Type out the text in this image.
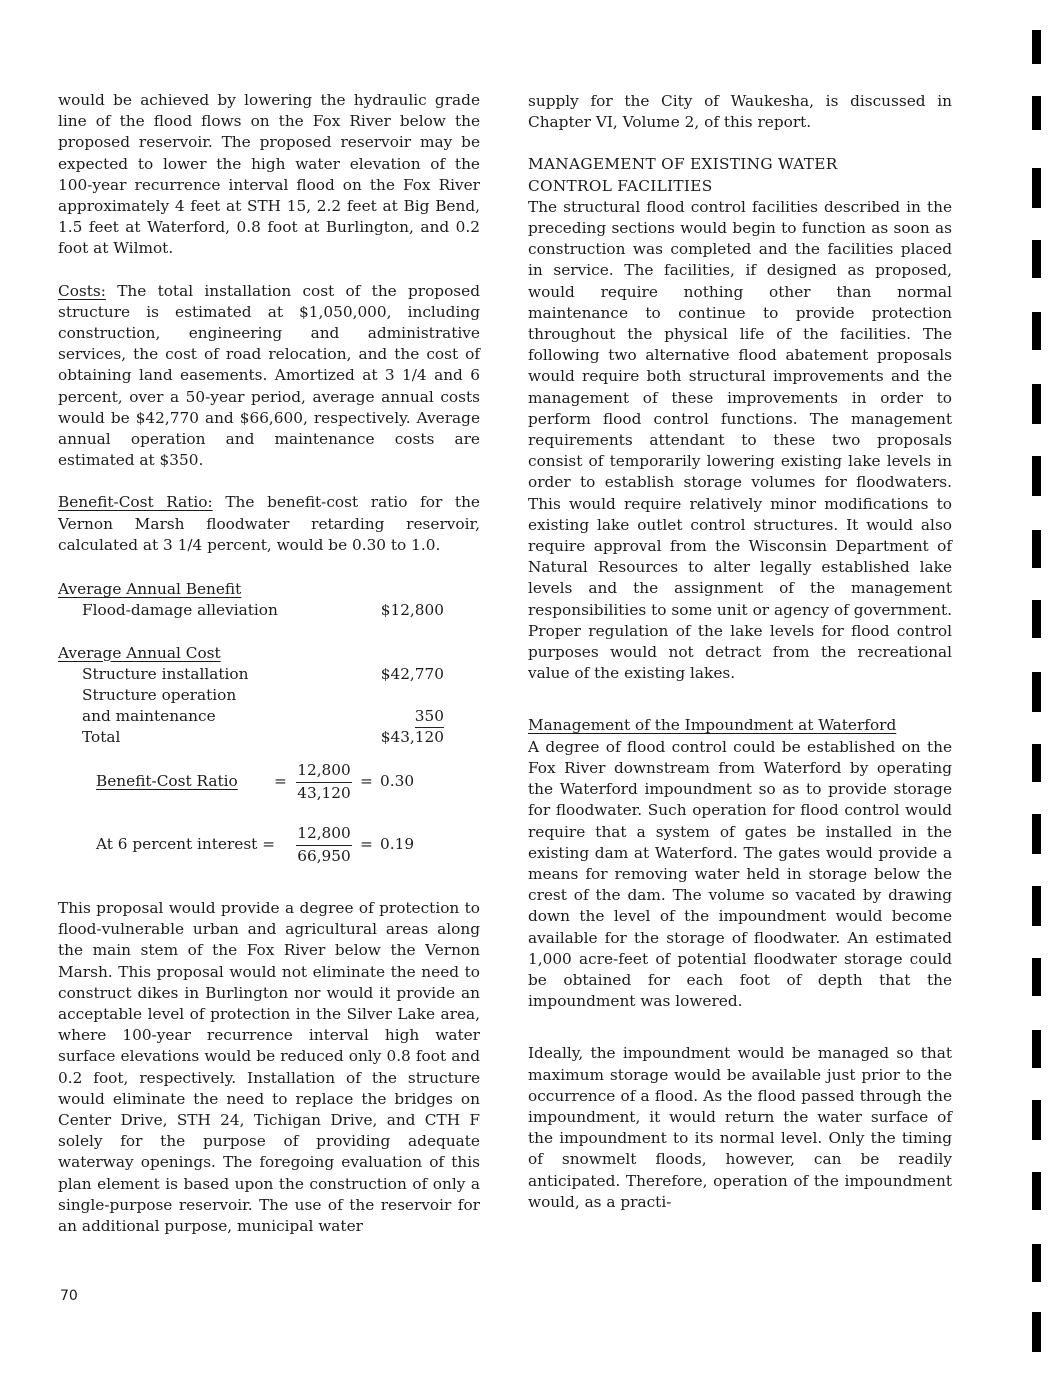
would be achieved by lowering the hydraulic grade line of the flood flows on the Fox River below the proposed reservoir. The proposed reservoir may be expected to lower the high water elevation of the 100-year recurrence interval flood on the Fox River approximately 4 feet at STH 15, 2.2 feet at Big Bend, 1.5 feet at Waterford, 0.8 foot at Burlington, and 0.2 foot at Wilmot.

Costs: The total installation cost of the proposed structure is estimated at $1,050,000, including construction, engineering and administrative services, the cost of road relocation, and the cost of obtaining land easements. Amortized at 3 1/4 and 6 percent, over a 50-year period, average annual costs would be $42,770 and $66,600, respectively. Average annual operation and maintenance costs are estimated at $350.

Benefit-Cost Ratio: The benefit-cost ratio for the Vernon Marsh floodwater retarding reservoir, calculated at 3 1/4 percent, would be 0.30 to 1.0.

Average Annual Benefit
Flood-damage alleviation	$12,800
Average Annual Cost
Structure installation	$42,770
Structure operation
and maintenance	350
Total	$43,120
Benefit-Cost Ratio =
12,800
43,120
= 0.30
At 6 percent interest =
12,800
66,950
= 0.19

This proposal would provide a degree of protection to flood-vulnerable urban and agricultural areas along the main stem of the Fox River below the Vernon Marsh. This proposal would not eliminate the need to construct dikes in Burlington nor would it provide an acceptable level of protection in the Silver Lake area, where 100-year recurrence interval high water surface elevations would be reduced only 0.8 foot and 0.2 foot, respectively. Installation of the structure would eliminate the need to replace the bridges on Center Drive, STH 24, Tichigan Drive, and CTH F solely for the purpose of providing adequate waterway openings. The foregoing evaluation of this plan element is based upon the construction of only a single-purpose reservoir. The use of the reservoir for an additional purpose, municipal water

supply for the City of Waukesha, is discussed in Chapter VI, Volume 2, of this report.

MANAGEMENT OF EXISTING WATER
CONTROL FACILITIES

The structural flood control facilities described in the preceding sections would begin to function as soon as construction was completed and the facilities placed in service. The facilities, if designed as proposed, would require nothing other than normal maintenance to continue to provide protection throughout the physical life of the facilities. The following two alternative flood abatement proposals would require both structural improvements and the management of these improvements in order to perform flood control functions. The management requirements attendant to these two proposals consist of temporarily lowering existing lake levels in order to establish storage volumes for floodwaters. This would require relatively minor modifications to existing lake outlet control structures. It would also require approval from the Wisconsin Department of Natural Resources to alter legally established lake levels and the assignment of the management responsibilities to some unit or agency of government. Proper regulation of the lake levels for flood control purposes would not detract from the recreational value of the existing lakes.

Management of the Impoundment at Waterford

A degree of flood control could be established on the Fox River downstream from Waterford by operating the Waterford impoundment so as to provide storage for floodwater. Such operation for flood control would require that a system of gates be installed in the existing dam at Waterford. The gates would provide a means for removing water held in storage below the crest of the dam. The volume so vacated by drawing down the level of the impoundment would become available for the storage of floodwater. An estimated 1,000 acre-feet of potential floodwater storage could be obtained for each foot of depth that the impoundment was lowered.

Ideally, the impoundment would be managed so that maximum storage would be available just prior to the occurrence of a flood. As the flood passed through the impoundment, it would return the water surface of the impoundment to its normal level. Only the timing of snowmelt floods, however, can be readily anticipated. Therefore, operation of the impoundment would, as a practi-

70
